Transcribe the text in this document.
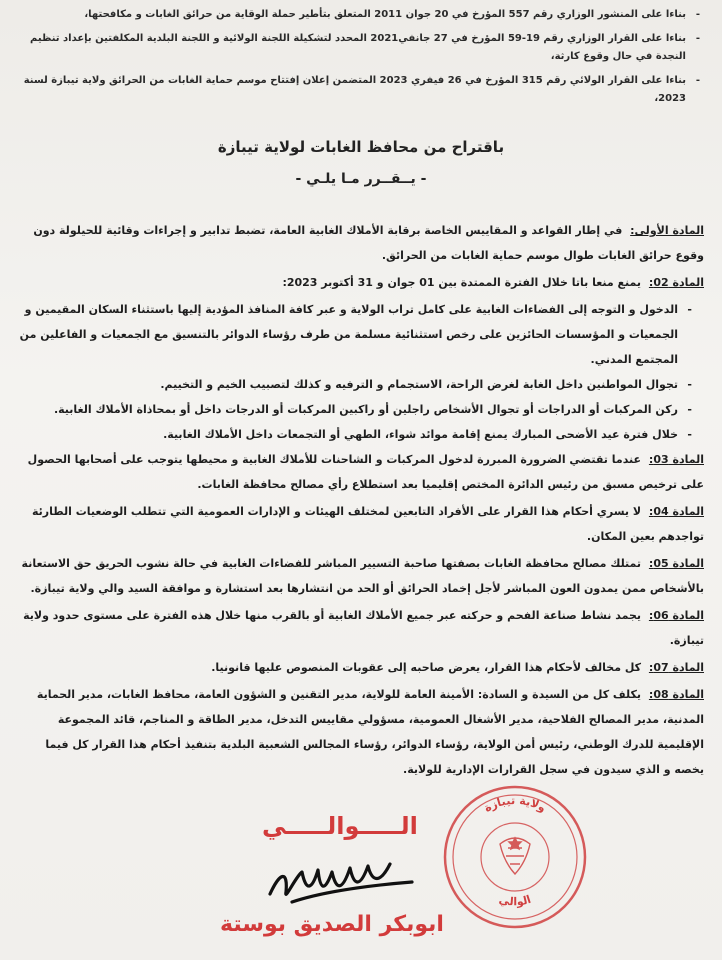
- بناءا على المنشور الوزاري رقم 557 المؤرخ في 20 جوان 2011 المتعلق بتأطير حملة الوقاية من حرائق الغابات و مكافحتها،
- بناءا على القرار الوزاري رقم 19-59 المؤرخ في 27 جانفي2021 المحدد لتشكيلة اللجنة الولائية و اللجنة البلدية المكلفتين بإعداد تنظيم النجدة في حال وقوع كارثة،
- بناءا على القرار الولائي رقم 315 المؤرخ في 26 فيفري 2023 المتضمن إعلان إفتتاح موسم حماية الغابات من الحرائق ولاية تيبازة لسنة 2023،
باقتراح من محافظ الغابات لولاية تيبازة
- يــقــرر مـا يلـي -
المادة الأولى: في إطار القواعد و المقاييس الخاصة برقابة الأملاك الغابية العامة، تضبط تدابير و إجراءات وقائية للحيلولة دون وقوع حرائق الغابات طوال موسم حماية الغابات من الحرائق.
المادة 02: يمنع منعا باتا خلال الفترة الممتدة بين 01 جوان و 31 أكتوبر 2023:
- الدخول و التوجه إلى الفضاءات الغابية على كامل تراب الولاية و عبر كافة المنافذ المؤدية إليها باستثناء السكان المقيمين و الجمعيات و المؤسسات الحائزين على رخص استثنائية مسلمة من طرف رؤساء الدوائر بالتنسيق مع الجمعيات و الفاعلين من المجتمع المدني.
- تجوال المواطنين داخل الغابة لغرض الراحة، الاستجمام و الترفيه و كذلك لتصبيب الخيم و التخييم.
- ركن المركبات أو الدراجات أو تجوال الأشخاص راجلين أو راكبين المركبات أو الدرجات داخل أو بمحاذاة الأملاك الغابية.
- خلال فترة عيد الأضحى المبارك يمنع إقامة موائد شواء، الطهي أو التجمعات داخل الأملاك الغابية.
المادة 03: عندما تقتضي الضرورة المبررة لدخول المركبات و الشاحنات للأملاك الغابية و محيطها يتوجب على أصحابها الحصول على ترخيص مسبق من رئيس الدائرة المختص إقليميا بعد استطلاع رأي مصالح محافظة الغابات.
المادة 04: لا يسري أحكام هذا القرار على الأفراد التابعين لمختلف الهيئات و الإدارات العمومية التي تتطلب الوضعيات الطارئة تواجدهم بعين المكان.
المادة 05: تمتلك مصالح محافظة الغابات بصفتها صاحبة التسيير المباشر للفضاءات الغابية في حالة نشوب الحريق حق الاستعانة بالأشخاص ممن يمدون العون المباشر لأجل إخماد الحرائق أو الحد من انتشارها بعد استشارة و موافقة السيد والي ولاية تيبازة.
المادة 06: يجمد نشاط صناعة الفحم و حركته عبر جميع الأملاك الغابية أو بالقرب منها خلال هذه الفترة على مستوى حدود ولاية تيبازة.
المادة 07: كل مخالف لأحكام هذا القرار، يعرض صاحبه إلى عقوبات المنصوص عليها قانونيا.
المادة 08: يكلف كل من السيدة و السادة: الأمينة العامة للولاية، مدير التقنين و الشؤون العامة، محافظ الغابات، مدير الحماية المدنية، مدير المصالح الفلاحية، مدير الأشغال العمومية، مسؤولي مقاييس التدخل، مدير الطاقة و المناجم، قائد المجموعة الإقليمية للدرك الوطني، رئيس أمن الولاية، رؤساء الدوائر، رؤساء المجالس الشعبية البلدية بتنفيذ أحكام هذا القرار كل فيما يخصه و الذي سيدون في سجل القرارات الإدارية للولاية.
ولاية تيبازة
الوالي
الـــــوالـــــي
ابوبكر الصديق بوستة
